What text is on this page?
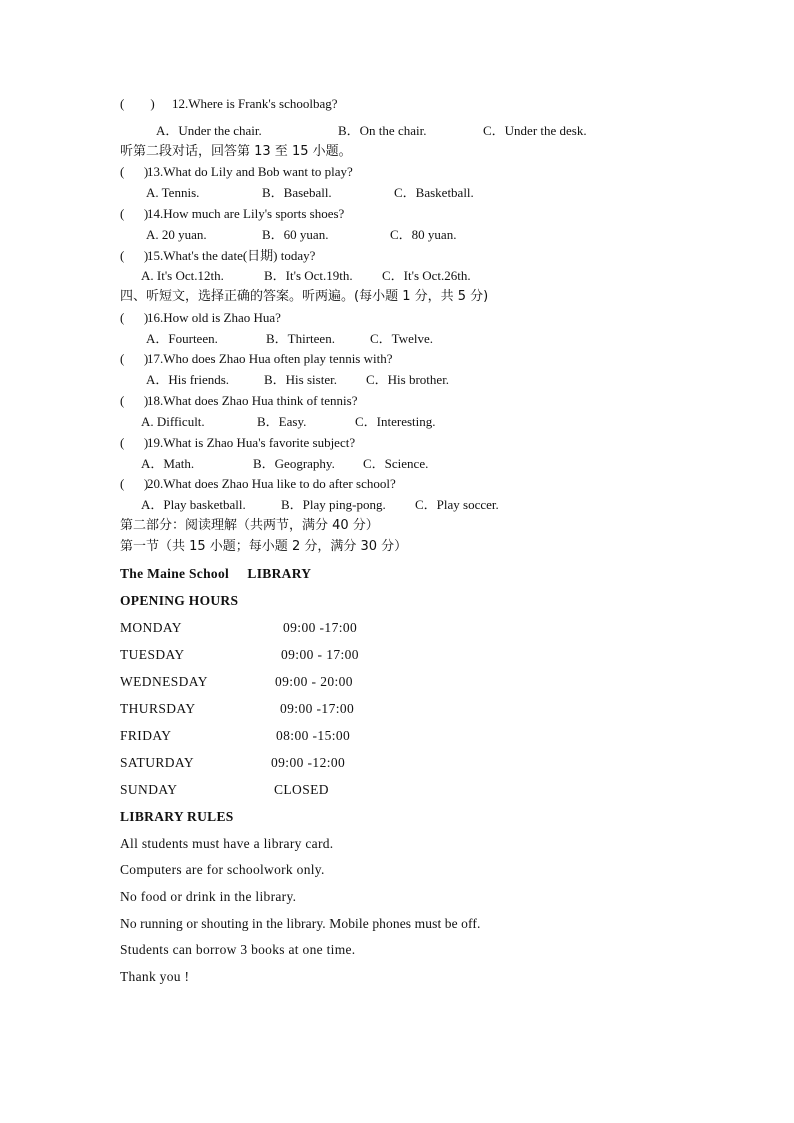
(        ) 12.Where is Frank's schoolbag?
A．Under the chair.	B．On the chair.	C．Under the desk.
听第二段对话，回答第 13 至 15 小题。
(      )
13.What do Lily and Bob want to play?
A. Tennis.	B．Baseball.	C．Basketball.
(      )
14.How much are Lily's sports shoes?
A. 20 yuan.	B．60 yuan.	C．80 yuan.
(      )
15.What's the date(日期) today?
A. It's Oct.12th.	B．It's Oct.19th. C．It's Oct.26th.
四、听短文，选择正确的答案。听两遍。(每小题 1 分，共 5 分)
(      )
16.How old is Zhao Hua?
A．Fourteen.	B．Thirteen.	C．Twelve.
(      )
17.Who does Zhao Hua often play tennis with?
A．His friends.	B．His sister. C．His brother.
(      )
18.What does Zhao Hua think of tennis?
A. Difficult.	B．Easy.	C．Interesting.
(      )
19.What is Zhao Hua's favorite subject?
A．Math.	B．Geography. C．Science.
(      )
20.What does Zhao Hua like to do after school?
A．Play basketball.	B．Play ping-pong. C．Play soccer.
第二部分：阅读理解（共两节，满分 40 分）
第一节（共 15 小题；每小题 2 分，满分 30 分）
The Maine School     LIBRARY
OPENING HOURS
MONDAY	09:00 -17:00
TUESDAY	09:00 - 17:00
WEDNESDAY	09:00 - 20:00
THURSDAY	09:00 -17:00
FRIDAY	08:00 -15:00
SATURDAY	09:00 -12:00
SUNDAY	CLOSED
LIBRARY RULES
All students must have a library card.
Computers are for schoolwork only.
No food or drink in the library.
No running or shouting in the library. Mobile phones must be off.
Students can borrow 3 books at one time.
Thank you !
